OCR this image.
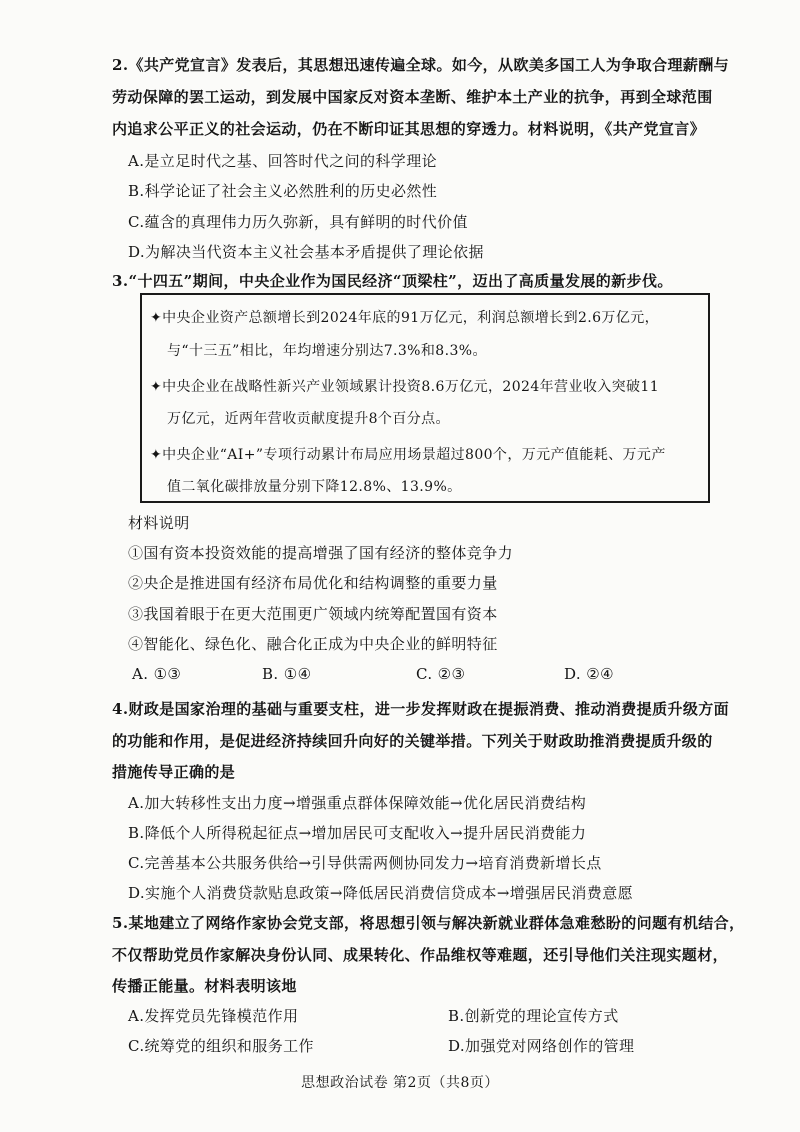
2.《共产党宣言》发表后，其思想迅速传遍全球。如今，从欧美多国工人为争取合理薪酬与
劳动保障的罢工运动，到发展中国家反对资本垄断、维护本土产业的抗争，再到全球范围
内追求公平正义的社会运动，仍在不断印证其思想的穿透力。材料说明，《共产党宣言》
A.是立足时代之基、回答时代之问的科学理论
B.科学论证了社会主义必然胜利的历史必然性
C.蕴含的真理伟力历久弥新，具有鲜明的时代价值
D.为解决当代资本主义社会基本矛盾提供了理论依据
3.“十四五”期间，中央企业作为国民经济“顶梁柱”，迈出了高质量发展的新步伐。
✦中央企业资产总额增长到2024年底的91万亿元，利润总额增长到2.6万亿元，
与“十三五”相比，年均增速分别达7.3%和8.3%。
✦中央企业在战略性新兴产业领域累计投资8.6万亿元，2024年营业收入突破11
万亿元，近两年营收贡献度提升8个百分点。
✦中央企业“AI+”专项行动累计布局应用场景超过800个，万元产值能耗、万元产
值二氧化碳排放量分别下降12.8%、13.9%。
材料说明
①国有资本投资效能的提高增强了国有经济的整体竞争力
②央企是推进国有经济布局优化和结构调整的重要力量
③我国着眼于在更大范围更广领域内统筹配置国有资本
④智能化、绿色化、融合化正成为中央企业的鲜明特征
A. ①③	B. ①④	C. ②③	D. ②④
4.财政是国家治理的基础与重要支柱，进一步发挥财政在提振消费、推动消费提质升级方面
的功能和作用，是促进经济持续回升向好的关键举措。下列关于财政助推消费提质升级的
措施传导正确的是
A.加大转移性支出力度→增强重点群体保障效能→优化居民消费结构
B.降低个人所得税起征点→增加居民可支配收入→提升居民消费能力
C.完善基本公共服务供给→引导供需两侧协同发力→培育消费新增长点
D.实施个人消费贷款贴息政策→降低居民消费信贷成本→增强居民消费意愿
5.某地建立了网络作家协会党支部，将思想引领与解决新就业群体急难愁盼的问题有机结合，
不仅帮助党员作家解决身份认同、成果转化、作品维权等难题，还引导他们关注现实题材，
传播正能量。材料表明该地
A.发挥党员先锋模范作用	B.创新党的理论宣传方式
C.统筹党的组织和服务工作	D.加强党对网络创作的管理
思想政治试卷 第2页（共8页）
